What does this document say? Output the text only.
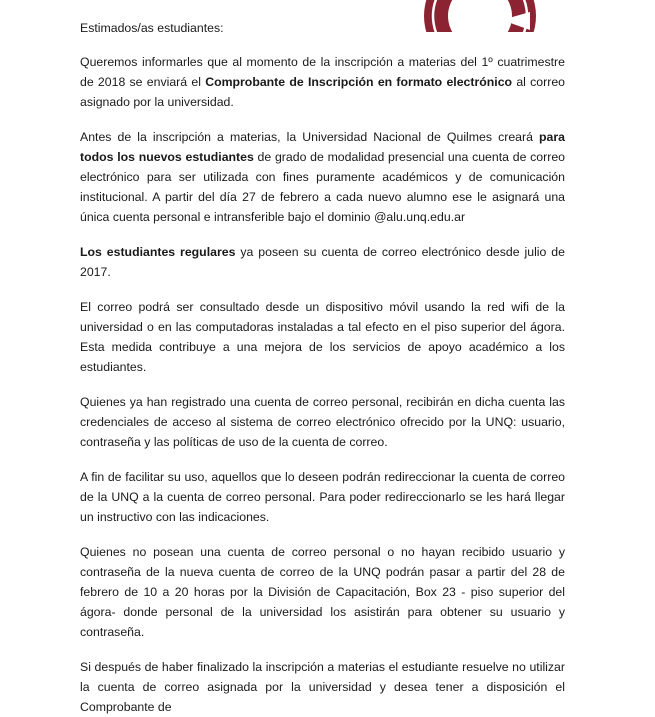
Estimados/as estudiantes:

Queremos informarles que al momento de la inscripción a materias del 1º cuatrimestre de 2018 se enviará el Comprobante de Inscripción en formato electrónico al correo asignado por la universidad.

Antes de la inscripción a materias, la Universidad Nacional de Quilmes creará para todos los nuevos estudiantes de grado de modalidad presencial una cuenta de correo electrónico para ser utilizada con fines puramente académicos y de comunicación institucional. A partir del día 27 de febrero a cada nuevo alumno ese le asignará una única cuenta personal e intransferible bajo el dominio @alu.unq.edu.ar

Los estudiantes regulares ya poseen su cuenta de correo electrónico desde julio de 2017.

El correo podrá ser consultado desde un dispositivo móvil usando la red wifi de la universidad o en las computadoras instaladas a tal efecto en el piso superior del ágora. Esta medida contribuye a una mejora de los servicios de apoyo académico a los estudiantes.

Quienes ya han registrado una cuenta de correo personal, recibirán en dicha cuenta las credenciales de acceso al sistema de correo electrónico ofrecido por la UNQ: usuario, contraseña y las políticas de uso de la cuenta de correo.

A fin de facilitar su uso, aquellos que lo deseen podrán redireccionar la cuenta de correo de la UNQ a la cuenta de correo personal. Para poder redireccionarlo se les hará llegar un instructivo con las indicaciones.

Quienes no posean una cuenta de correo personal o no hayan recibido usuario y contraseña de la nueva cuenta de correo de la UNQ podrán pasar a partir del 28 de febrero de 10 a 20 horas por la División de Capacitación, Box 23 - piso superior del ágora- donde personal de la universidad los asistirán para obtener su usuario y contraseña.

Si después de haber finalizado la inscripción a materias el estudiante resuelve no utilizar la cuenta de correo asignada por la universidad y desea tener a disposición el Comprobante de
